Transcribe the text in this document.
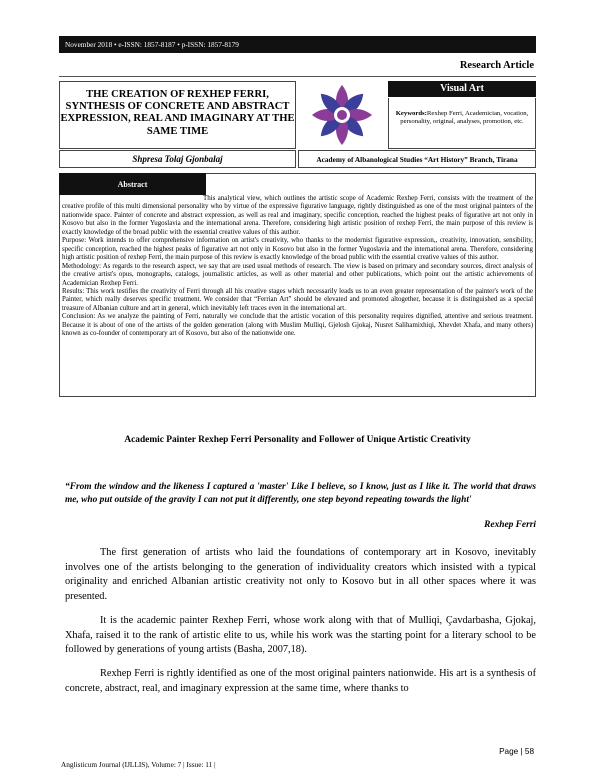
November 2018 • e-ISSN: 1857-8187 • p-ISSN: 1857-8179
Research Article
THE CREATION OF REXHEP FERRI, SYNTHESIS OF CONCRETE AND ABSTRACT EXPRESSION, REAL AND IMAGINARY AT THE SAME TIME
Visual Art
Keywords:Rexhep Ferri, Academician, vocation, personality, original, analyses, promotion, etc.
Shpresa Tolaj Gjonbalaj	Academy of Albanological Studies “Art History” Branch, Tirana
Abstract

This analytical view, which outlines the artistic scope of Academic Rexhep Ferri, consists with the treatment of the creative profile of this multi dimensional personality who by virtue of the expressive figurative language, rightly distinguished as one of the most original painters of the nationwide space. Painter of concrete and abstract expression, as well as real and imaginary, specific conception, reached the highest peaks of figurative art not only in Kosovo but also in the former Yugoslavia and the international arena. Therefore, considering high artistic position of rexhep Ferri, the main purpose of this review is exactly knowledge of the broad public with the essential creative values of this author.

Purpose: Work intends to offer comprehensive information on artist's creativity, who thanks to the modernist figurative expression,, creativity, innovation, sensibility, specific conception, reached the highest peaks of figurative art not only in Kosovo but also in the former Yugoslavia and the international arena. Therefore, considering high artistic position of rexhep Ferri, the main purpose of this review is exactly knowledge of the broad public with the essential creative values of this author.

Methodology: As regards to the research aspect, we say that are used usual methods of research. The view is based on primary and secondary sources, direct analysis of the creative artist's opus, monographs, catalogs, journalistic articles, as well as other material and other publications, which point out the artistic achievements of Academician Rexhep Ferri.

Results: This work testifies the creativity of Ferri through all his creative stages which necessarily leads us to an even greater representation of the painter's work of the Painter, which really deserves specific treatment. We consider that “Ferrian Art” should be elevated and promoted altogether, because it is distinguished as a special treasure of Albanian culture and art in general, which inevitably left traces even in the international art.

Conclusion: As we analyze the painting of Ferri, naturally we conclude that the artistic vocation of this personality requires dignified, attentive and serious treatment. Because it is about of one of the artists of the golden generation (along with Muslim Mulliqi, Gjelosh Gjokaj, Nusret Salihamixhiqi, Xhevdet Xhafa, and many others) known as co-founder of contemporary art of Kosovo, but also of the nationwide one.

Academic Painter Rexhep Ferri Personality and Follower of Unique Artistic Creativity
“From the window and the likeness I captured a 'master' Like I believe, so I know, just as I like it. The world that draws me, who put outside of the gravity I can not put it differently, one step beyond repeating towards the light'
Rexhep Ferri

The first generation of artists who laid the foundations of contemporary art in Kosovo, inevitably involves one of the artists belonging to the generation of individuality creators which insisted with a typical originality and enriched Albanian artistic creativity not only to Kosovo but in all other spaces where it was presented.

It is the academic painter Rexhep Ferri, whose work along with that of Mulliqi, Çavdarbasha, Gjokaj, Xhafa, raised it to the rank of artistic elite to us, while his work was the starting point for a literary school to be followed by generations of young artists (Basha, 2007,18).

Rexhep Ferri is rightly identified as one of the most original painters nationwide. His art is a synthesis of concrete, abstract, real, and imaginary expression at the same time, where thanks to

Page | 58
Anglisticum Journal (IJLLIS), Volume: 7 | Issue: 11 |
